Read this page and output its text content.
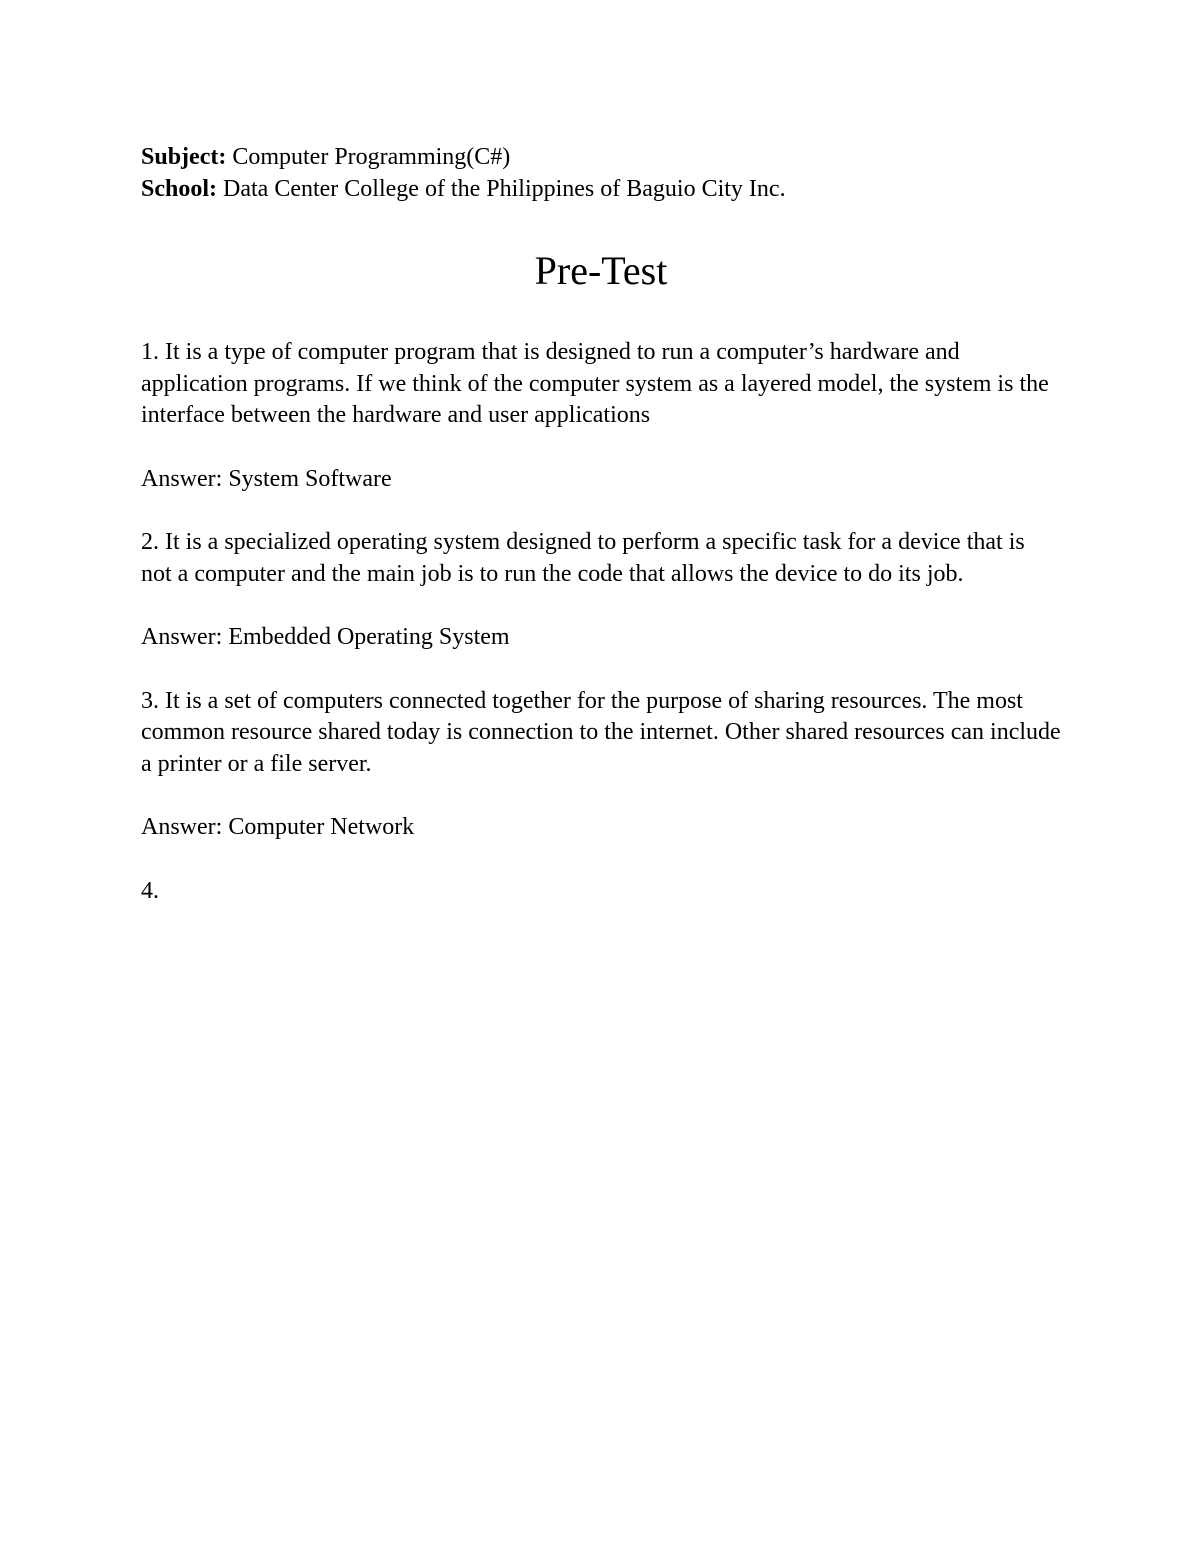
Subject: Computer Programming(C#)
School: Data Center College of the Philippines of Baguio City Inc.
Pre-Test

1. It is a type of computer program that is designed to run a computer’s hardware and application programs. If we think of the computer system as a layered model, the system is the interface between the hardware and user applications

Answer: System Software

2. It is a specialized operating system designed to perform a specific task for a device that is not a computer and the main job is to run the code that allows the device to do its job.

Answer: Embedded Operating System

3. It is a set of computers connected together for the purpose of sharing resources. The most common resource shared today is connection to the internet. Other shared resources can include a printer or a file server.

Answer: Computer Network

4.
